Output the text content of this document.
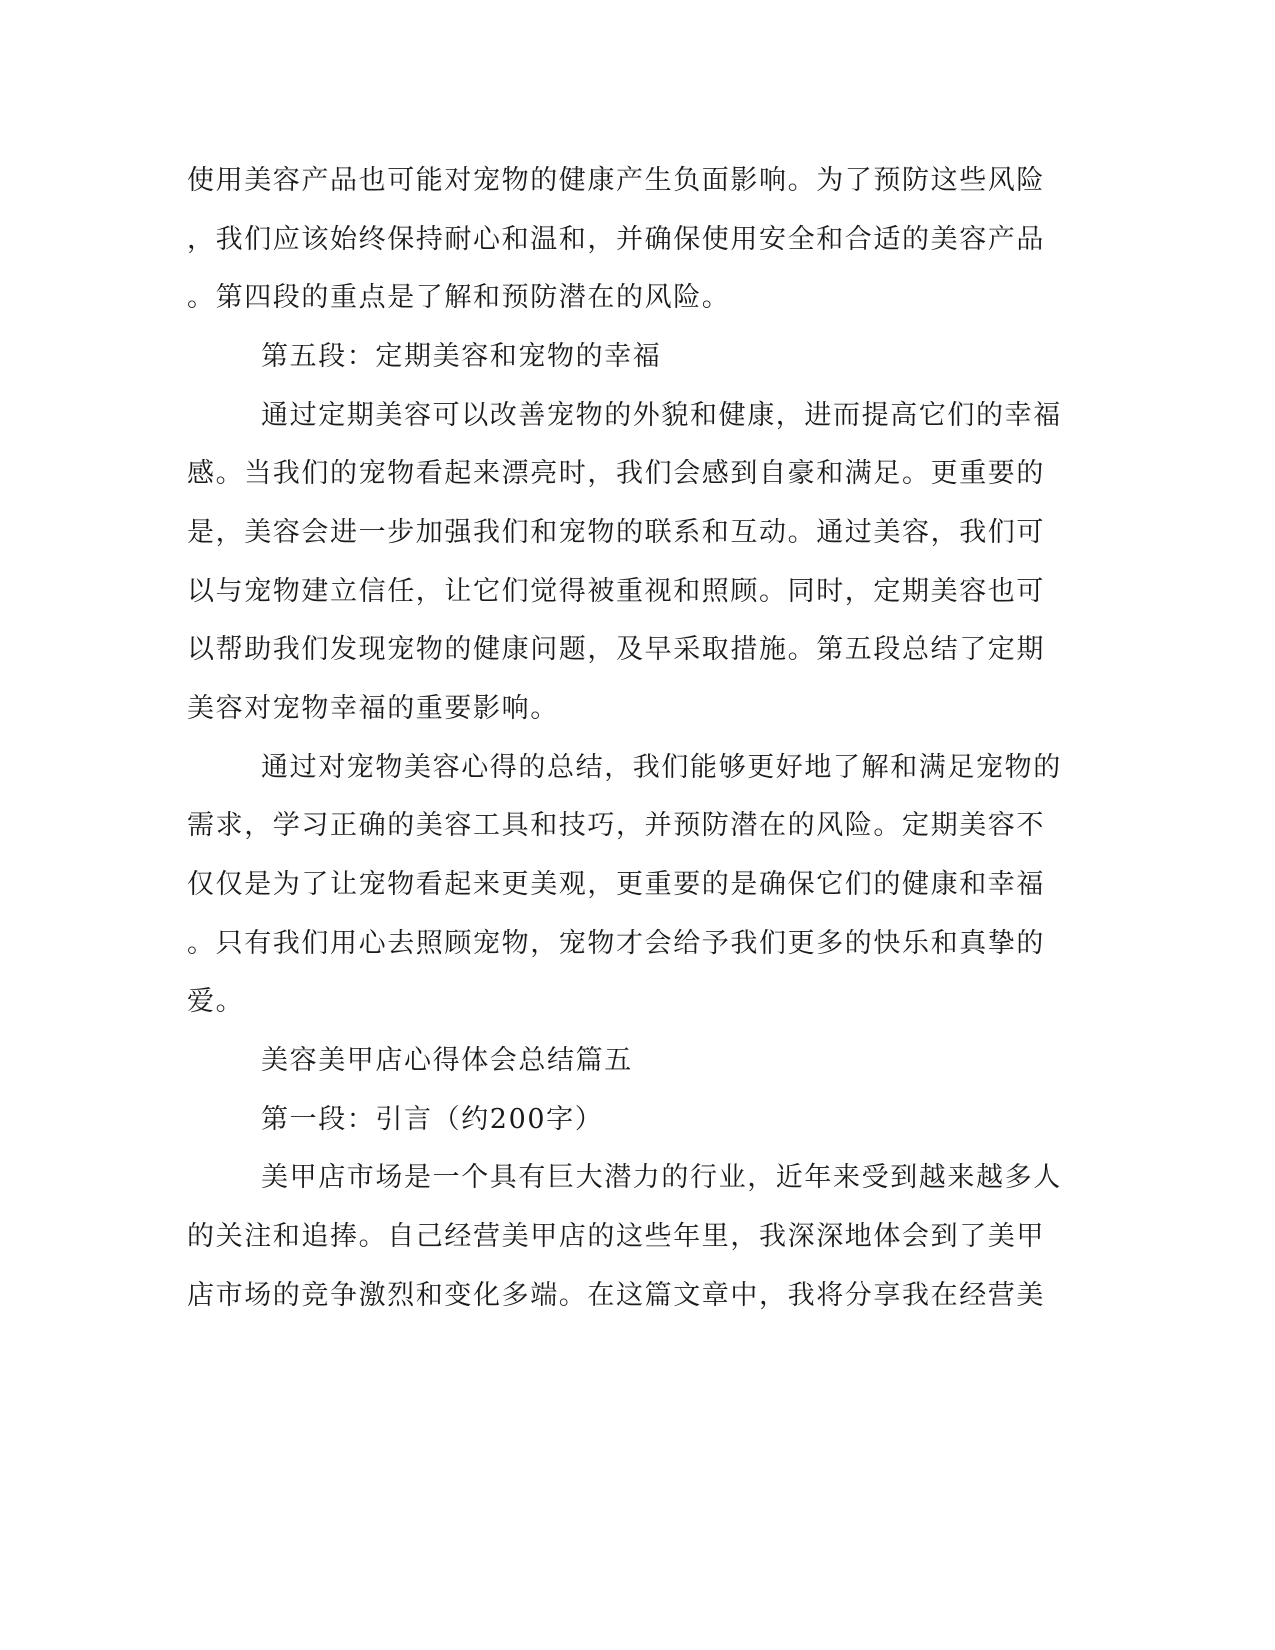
使用美容产品也可能对宠物的健康产生负面影响。为了预防这些风险
，我们应该始终保持耐心和温和，并确保使用安全和合适的美容产品
。第四段的重点是了解和预防潜在的风险。
第五段：定期美容和宠物的幸福
通过定期美容可以改善宠物的外貌和健康，进而提高它们的幸福
感。当我们的宠物看起来漂亮时，我们会感到自豪和满足。更重要的
是，美容会进一步加强我们和宠物的联系和互动。通过美容，我们可
以与宠物建立信任，让它们觉得被重视和照顾。同时，定期美容也可
以帮助我们发现宠物的健康问题，及早采取措施。第五段总结了定期
美容对宠物幸福的重要影响。
通过对宠物美容心得的总结，我们能够更好地了解和满足宠物的
需求，学习正确的美容工具和技巧，并预防潜在的风险。定期美容不
仅仅是为了让宠物看起来更美观，更重要的是确保它们的健康和幸福
。只有我们用心去照顾宠物，宠物才会给予我们更多的快乐和真挚的
爱。
美容美甲店心得体会总结篇五
第一段：引言（约200字）
美甲店市场是一个具有巨大潜力的行业，近年来受到越来越多人
的关注和追捧。自己经营美甲店的这些年里，我深深地体会到了美甲
店市场的竞争激烈和变化多端。在这篇文章中，我将分享我在经营美
